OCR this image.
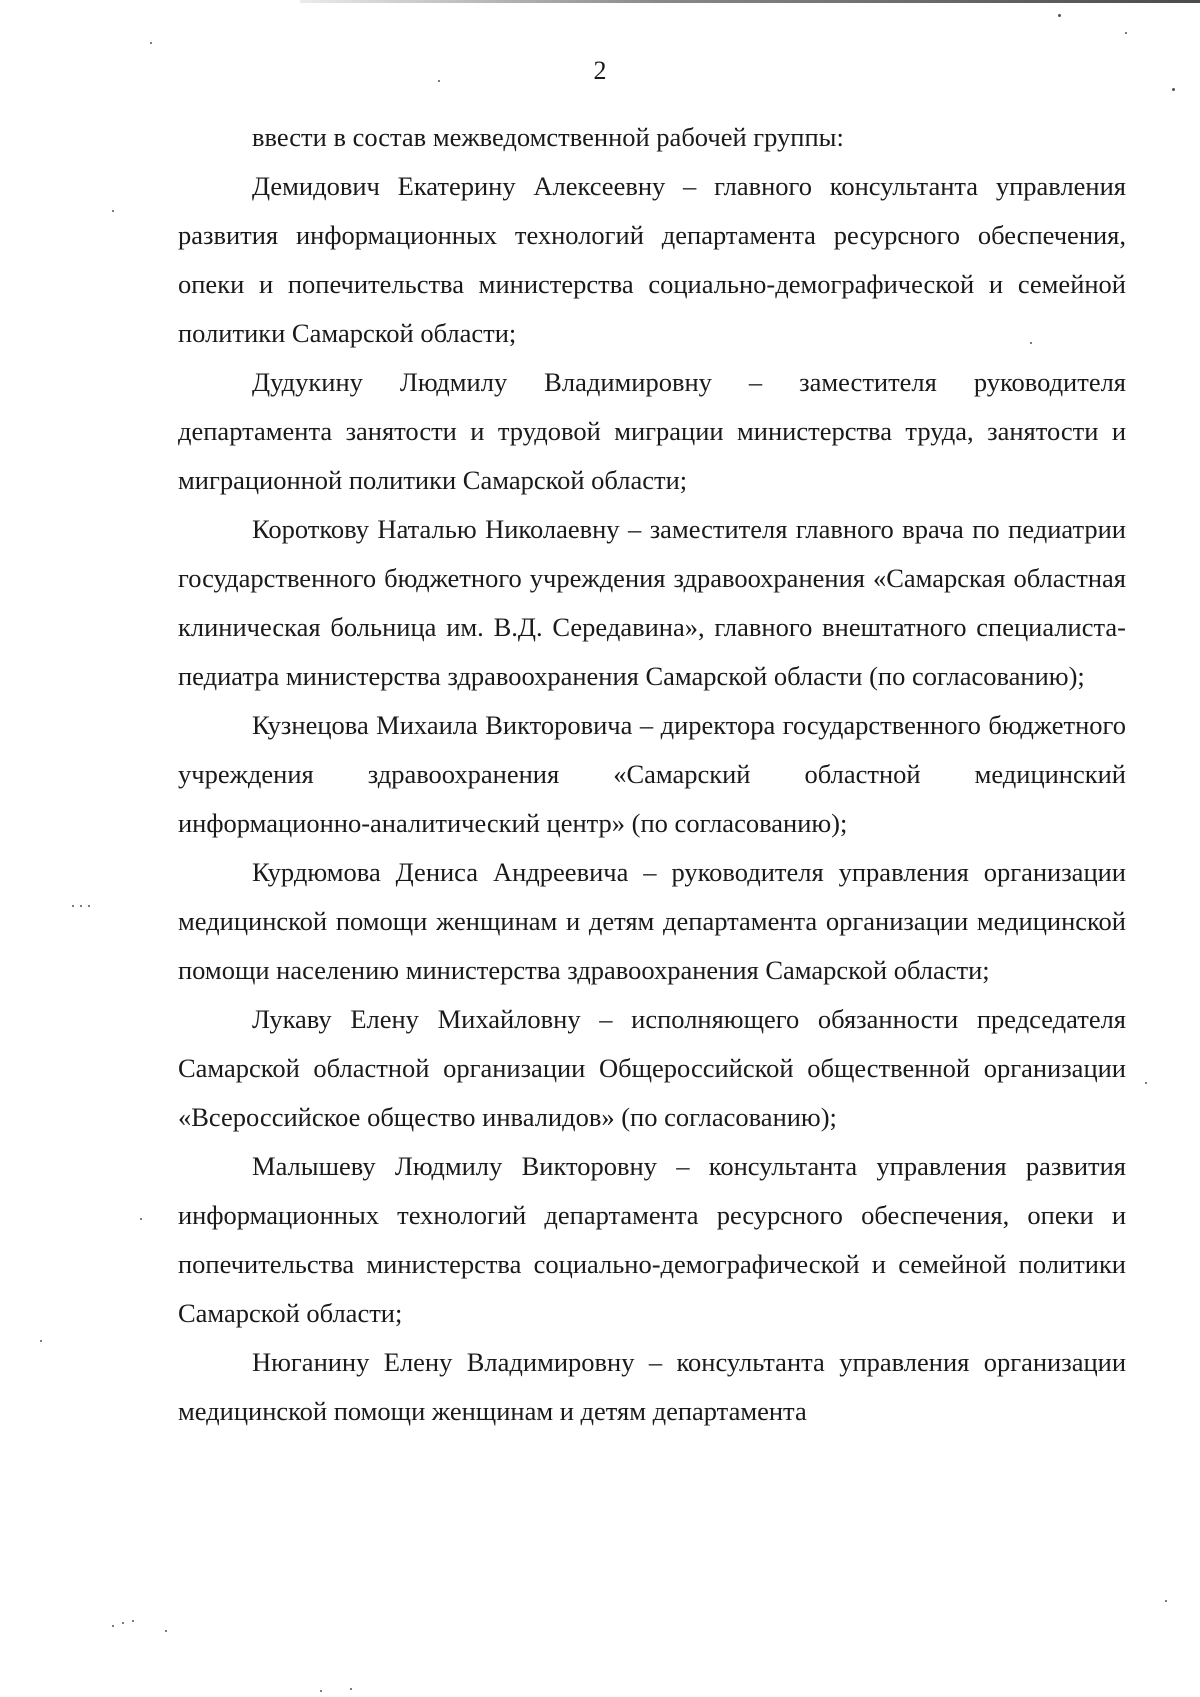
2

ввести в состав межведомственной рабочей группы:

Демидович Екатерину Алексеевну – главного консультанта управления развития информационных технологий департамента ресурсного обеспечения, опеки и попечительства министерства социально-демографической и семейной политики Самарской области;

Дудукину Людмилу Владимировну – заместителя руководителя департамента занятости и трудовой миграции министерства труда, занятости и миграционной политики Самарской области;

Короткову Наталью Николаевну – заместителя главного врача по педиатрии государственного бюджетного учреждения здравоохранения «Самарская областная клиническая больница им. В.Д. Середавина», главного внештатного специалиста-педиатра министерства здравоохранения Самарской области (по согласованию);

Кузнецова Михаила Викторовича – директора государственного бюджетного учреждения здравоохранения «Самарский областной медицинский информационно-аналитический центр» (по согласованию);

Курдюмова Дениса Андреевича – руководителя управления организации медицинской помощи женщинам и детям департамента организации медицинской помощи населению министерства здравоохранения Самарской области;

Лукаву Елену Михайловну – исполняющего обязанности председателя Самарской областной организации Общероссийской общественной организации «Всероссийское общество инвалидов» (по согласованию);

Малышеву Людмилу Викторовну – консультанта управления развития информационных технологий департамента ресурсного обеспечения, опеки и попечительства министерства социально-демографической и семейной политики Самарской области;

Нюганину Елену Владимировну – консультанта управления организации медицинской помощи женщинам и детям департамента
